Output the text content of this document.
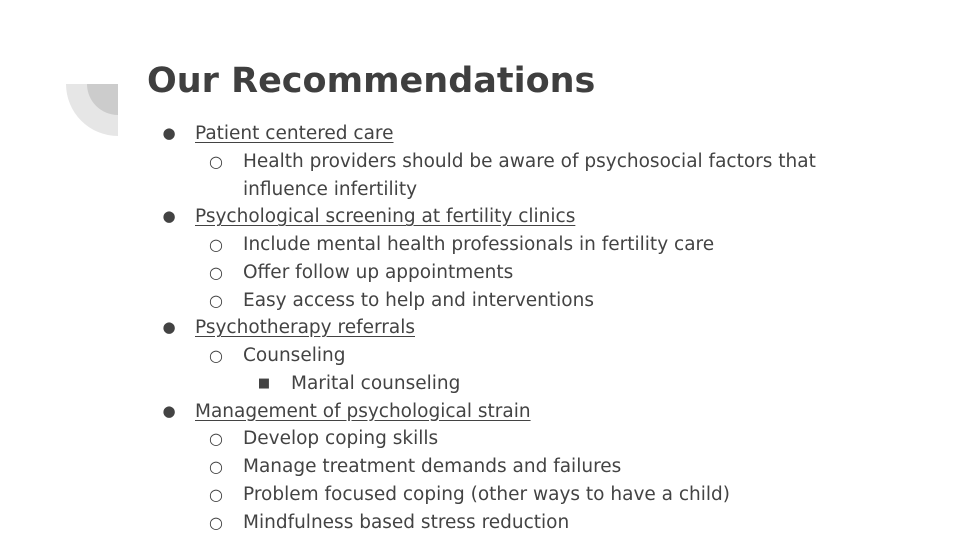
Our Recommendations
● Patient centered care
○ Health providers should be aware of psychosocial factors that
influence infertility
● Psychological screening at fertility clinics
○ Include mental health professionals in fertility care
○ Offer follow up appointments
○ Easy access to help and interventions
● Psychotherapy referrals
○ Counseling
■ Marital counseling
● Management of psychological strain
○ Develop coping skills
○ Manage treatment demands and failures
○ Problem focused coping (other ways to have a child)
○ Mindfulness based stress reduction
